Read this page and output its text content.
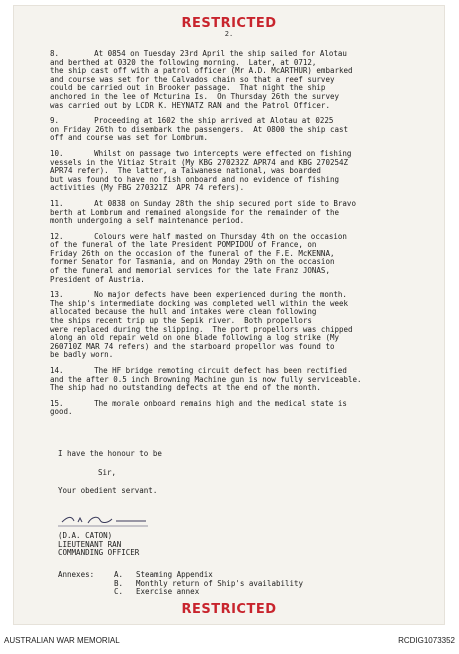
RESTRICTED
2.
8.	At 0854 on Tuesday 23rd April the ship sailed for Alotau
and berthed at 0320 the following morning.  Later, at 0712,
the ship cast off with a patrol officer (Mr A.D. McARTHUR) embarked
and course was set for the Calvados chain so that a reef survey
could be carried out in Brooker passage.  That night the ship
anchored in the lee of Mcturina Is.  On Thursday 26th the survey
was carried out by LCDR K. HEYNATZ RAN and the Patrol Officer.
9.	Proceeding at 1602 the ship arrived at Alotau at 0225
on Friday 26th to disembark the passengers.  At 0800 the ship cast
off and course was set for Lombrum.
10.	Whilst on passage two intercepts were effected on fishing
vessels in the Vitiaz Strait (My KBG 270232Z APR74 and KBG 270254Z
APR74 refer).  The latter, a Taiwanese national, was boarded
but was found to have no fish onboard and no evidence of fishing
activities (My FBG 270321Z  APR 74 refers).
11.	At 0838 on Sunday 28th the ship secured port side to Bravo
berth at Lombrum and remained alongside for the remainder of the
month undergoing a self maintenance period.
12.	Colours were half masted on Thursday 4th on the occasion
of the funeral of the late President POMPIDOU of France, on
Friday 26th on the occasion of the funeral of the F.E. McKENNA,
former Senator for Tasmania, and on Monday 29th on the occasion
of the funeral and memorial services for the late Franz JONAS,
President of Austria.
13.	No major defects have been experienced during the month.
The ship's intermediate docking was completed well within the week
allocated because the hull and intakes were clean following
the ships recent trip up the Sepik river.  Both propellors
were replaced during the slipping.  The port propellors was chipped
along an old repair weld on one blade following a log strike (My
260710Z MAR 74 refers) and the starboard propellor was found to
be badly worn.
14.	The HF bridge remoting circuit defect has been rectified
and the after 0.5 inch Browning Machine gun is now fully serviceable.
The ship had no outstanding defects at the end of the month.
15.	The morale onboard remains high and the medical state is
good.
I have the honour to be
Sir,
Your obedient servant.
(D.A. CATON)
LIEUTENANT RAN
COMMANDING OFFICER
Annexes:	A.	Steaming Appendix
B.	Monthly return of Ship's availability
C.	Exercise annex
RESTRICTED
AUSTRALIAN WAR MEMORIAL	RCDIG1073352
